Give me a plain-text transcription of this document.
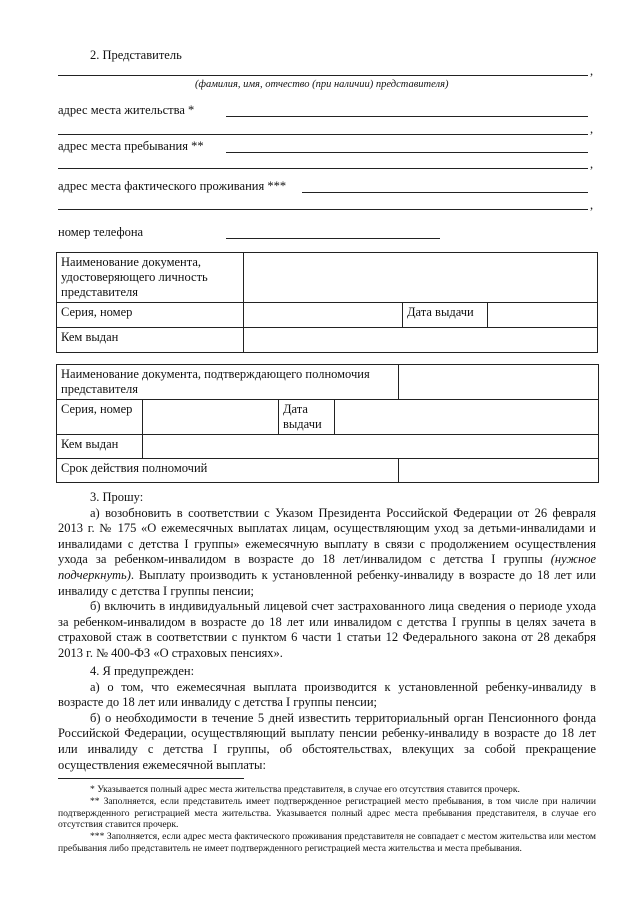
2. Представитель
,
(фамилия, имя, отчество (при наличии) представителя)
адрес места жительства *
,
адрес места пребывания **
,
адрес места фактического проживания ***
,
номер телефона
Наименование документа, удостоверяющего личность представителя			
Серия, номер		Дата выдачи	
Кем выдан			
Наименование документа, подтверждающего полномочия представителя				
Серия, номер		Дата выдачи		
Кем выдан				
Срок действия полномочий				

3. Прошу:

а) возобновить в соответствии с Указом Президента Российской Федерации от 26 февраля 2013 г. № 175 «О ежемесячных выплатах лицам, осуществляющим уход за детьми-инвалидами и инвалидами с детства I группы» ежемесячную выплату в связи с продолжением осуществления ухода за ребенком-инвалидом в возрасте до 18 лет/инвалидом с детства I группы (нужное подчеркнуть). Выплату производить к установленной ребенку-инвалиду в возрасте до 18 лет или инвалиду с детства I группы пенсии;

б) включить в индивидуальный лицевой счет застрахованного лица сведения о периоде ухода за ребенком-инвалидом в возрасте до 18 лет или инвалидом с детства I группы в целях зачета в страховой стаж в соответствии с пунктом 6 части 1 статьи 12 Федерального закона от 28 декабря 2013 г. № 400-ФЗ «О страховых пенсиях».

4. Я предупрежден:

а) о том, что ежемесячная выплата производится к установленной ребенку-инвалиду в возрасте до 18 лет или инвалиду с детства I группы пенсии;

б) о необходимости в течение 5 дней известить территориальный орган Пенсионного фонда Российской Федерации, осуществляющий выплату пенсии ребенку-инвалиду в возрасте до 18 лет или инвалиду с детства I группы, об обстоятельствах, влекущих за собой прекращение осуществления ежемесячной выплаты:

* Указывается полный адрес места жительства представителя, в случае его отсутствия ставится прочерк.

** Заполняется, если представитель имеет подтвержденное регистрацией место пребывания, в том числе при наличии подтвержденного регистрацией места жительства. Указывается полный адрес места пребывания представителя, в случае его отсутствия ставится прочерк.

*** Заполняется, если адрес места фактического проживания представителя не совпадает с местом жительства или местом пребывания либо представитель не имеет подтвержденного регистрацией места жительства и места пребывания.
